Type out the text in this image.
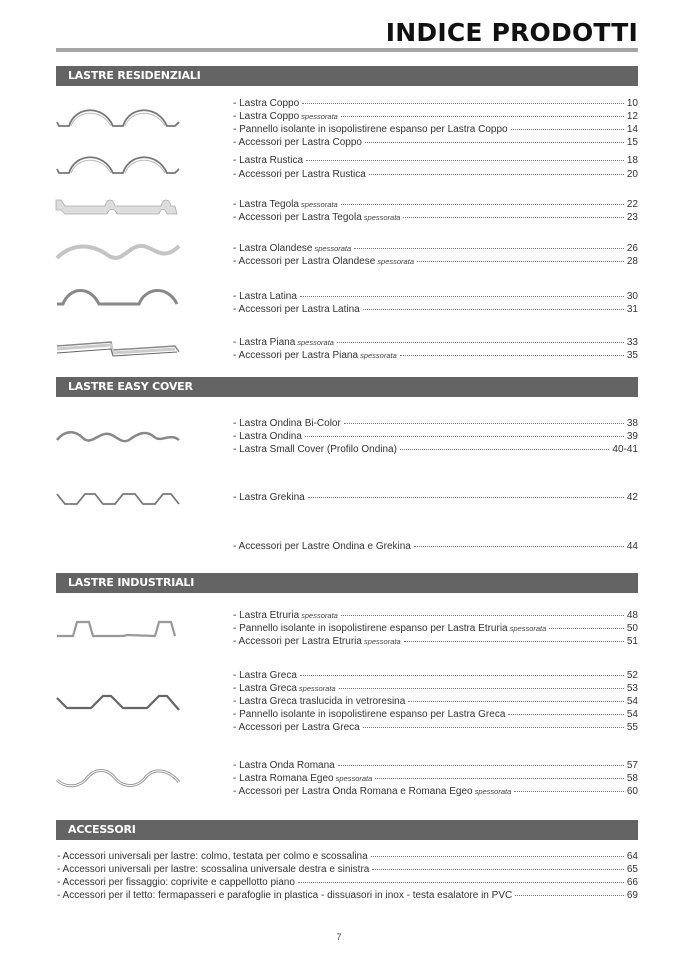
INDICE PRODOTTI
LASTRE RESIDENZIALI
- Lastra Coppo	10
- Lastra Coppo spessorata	12
- Pannello isolante in isopolistirene espanso per Lastra Coppo	14
- Accessori per Lastra Coppo	15
- Lastra Rustica	18
- Accessori per Lastra Rustica	20
- Lastra Tegola spessorata	22
- Accessori per Lastra Tegola spessorata	23
- Lastra Olandese spessorata	26
- Accessori per Lastra Olandese spessorata	28
- Lastra Latina	30
- Accessori per Lastra Latina	31
- Lastra Piana spessorata	33
- Accessori per Lastra Piana spessorata	35
LASTRE EASY COVER
- Lastra Ondina Bi-Color	38
- Lastra Ondina	39
- Lastra Small Cover (Profilo Ondina)	40-41
- Lastra Grekina	42
- Accessori per Lastre Ondina e Grekina	44
LASTRE INDUSTRIALI
- Lastra Etruria spessorata	48
- Pannello isolante in isopolistirene espanso per Lastra Etruria spessorata	50
- Accessori per Lastra Etruria spessorata	51
- Lastra Greca	52
- Lastra Greca spessorata	53
- Lastra Greca traslucida in vetroresina	54
- Pannello isolante in isopolistirene espanso per Lastra Greca	54
- Accessori per Lastra Greca	55
- Lastra Onda Romana	57
- Lastra Romana Egeo spessorata	58
- Accessori per Lastra Onda Romana e Romana Egeo spessorata	60
ACCESSORI
- Accessori universali per lastre: colmo, testata per colmo e scossalina	64
- Accessori universali per lastre: scossalina universale destra e sinistra	65
- Accessori per fissaggio: coprivite e cappellotto piano	66
- Accessori per il tetto: fermapasseri e parafoglie in plastica - dissuasori in inox - testa esalatore in PVC	69
7
